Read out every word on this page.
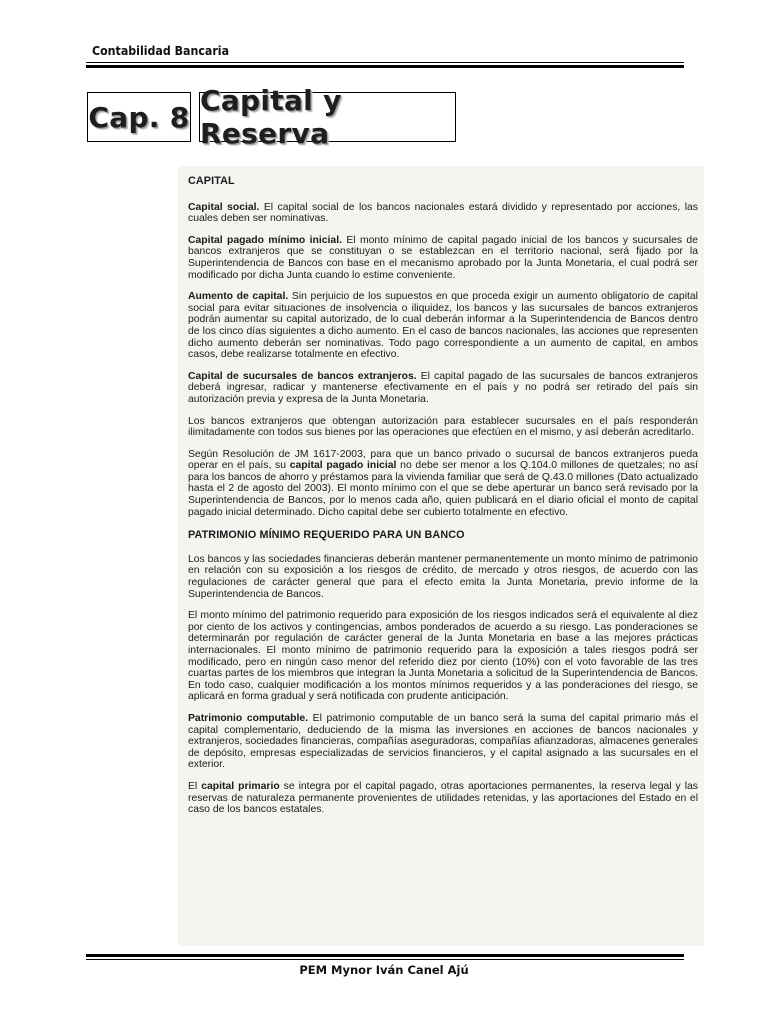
Contabilidad Bancaria
Cap. 8 Capital y Reserva
CAPITAL

Capital social. El capital social de los bancos nacionales estará dividido y representado por acciones, las cuales deben ser nominativas.

Capital pagado mínimo inicial. El monto mínimo de capital pagado inicial de los bancos y sucursales de bancos extranjeros que se constituyan o se establezcan en el territorio nacional, será fijado por la Superintendencia de Bancos con base en el mecanismo aprobado por la Junta Monetaria, el cual podrá ser modificado por dicha Junta cuando lo estime conveniente.

Aumento de capital. Sin perjuicio de los supuestos en que proceda exigir un aumento obligatorio de capital social para evitar situaciones de insolvencia o iliquidez, los bancos y las sucursales de bancos extranjeros podrán aumentar su capital autorizado, de lo cual deberán informar a la Superintendencia de Bancos dentro de los cinco días siguientes a dicho aumento. En el caso de bancos nacionales, las acciones que representen dicho aumento deberán ser nominativas. Todo pago correspondiente a un aumento de capital, en ambos casos, debe realizarse totalmente en efectivo.

Capital de sucursales de bancos extranjeros. El capital pagado de las sucursales de bancos extranjeros deberá ingresar, radicar y mantenerse efectivamente en el país y no podrá ser retirado del país sin autorización previa y expresa de la Junta Monetaria.

Los bancos extranjeros que obtengan autorización para establecer sucursales en el país responderán ilimitadamente con todos sus bienes por las operaciones que efectúen en el mismo, y así deberán acreditarlo.

Según Resolución de JM 1617-2003, para que un banco privado o sucursal de bancos extranjeros pueda operar en el país, su capital pagado inicial no debe ser menor a los Q.104.0 millones de quetzales; no así para los bancos de ahorro y préstamos para la vivienda familiar que será de Q.43.0 millones (Dato actualizado hasta el 2 de agosto del 2003). El monto mínimo con el que se debe aperturar un banco será revisado por la Superintendencia de Bancos, por lo menos cada año, quien publicará en el diario oficial el monto de capital pagado inicial determinado. Dicho capital debe ser cubierto totalmente en efectivo.

PATRIMONIO MÍNIMO REQUERIDO PARA UN BANCO

Los bancos y las sociedades financieras deberán mantener permanentemente un monto mínimo de patrimonio en relación con su exposición a los riesgos de crédito, de mercado y otros riesgos, de acuerdo con las regulaciones de carácter general que para el efecto emita la Junta Monetaria, previo informe de la Superintendencia de Bancos.

El monto mínimo del patrimonio requerido para exposición de los riesgos indicados será el equivalente al diez por ciento de los activos y contingencias, ambos ponderados de acuerdo a su riesgo. Las ponderaciones se determinarán por regulación de carácter general de la Junta Monetaria en base a las mejores prácticas internacionales. El monto mínimo de patrimonio requerido para la exposición a tales riesgos podrá ser modificado, pero en ningún caso menor del referido diez por ciento (10%) con el voto favorable de las tres cuartas partes de los miembros que integran la Junta Monetaria a solicitud de la Superintendencia de Bancos. En todo caso, cualquier modificación a los montos mínimos requeridos y a las ponderaciones del riesgo, se aplicará en forma gradual y será notificada con prudente anticipación.

Patrimonio computable. El patrimonio computable de un banco será la suma del capital primario más el capital complementario, deduciendo de la misma las inversiones en acciones de bancos nacionales y extranjeros, sociedades financieras, compañías aseguradoras, compañías afianzadoras, almacenes generales de depósito, empresas especializadas de servicios financieros, y el capital asignado a las sucursales en el exterior.

El capital primario se integra por el capital pagado, otras aportaciones permanentes, la reserva legal y las reservas de naturaleza permanente provenientes de utilidades retenidas, y las aportaciones del Estado en el caso de los bancos estatales.

PEM Mynor Iván Canel Ajú
